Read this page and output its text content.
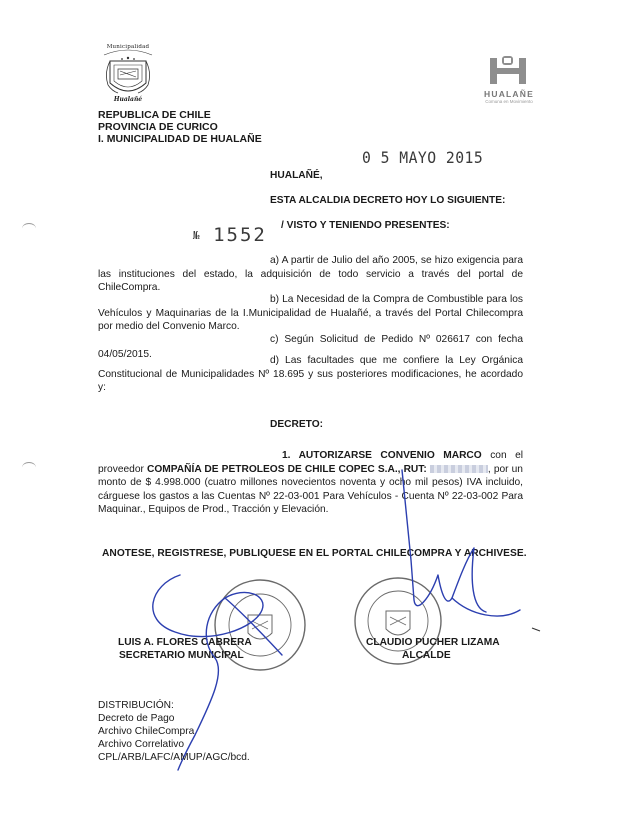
Municipalidad
Hualañé
REPUBLICA DE CHILE
PROVINCIA DE CURICO
I. MUNICIPALIDAD DE HUALAÑE
HUALAÑE
Comuna en Movimiento
HUALAÑÉ,
0 5 MAYO 2015
ESTA ALCALDIA DECRETO HOY LO SIGUIENTE:
№ 1552 / VISTO Y TENIENDO PRESENTES:
a) A partir de Julio del año 2005, se hizo exigencia para las instituciones del estado, la adquisición de todo servicio a través del portal de ChileCompra.
b) La Necesidad de la Compra de Combustible para los Vehículos y Maquinarias de la I.Municipalidad de Hualañé, a través del Portal Chilecompra por medio del Convenio Marco.
c) Según Solicitud de Pedido Nº 026617 con fecha 04/05/2015.
d) Las facultades que me confiere la Ley Orgánica Constitucional de Municipalidades Nº 18.695 y sus posteriores modificaciones, he acordado y:
DECRETO:
1. AUTORIZARSE CONVENIO MARCO con el proveedor COMPAÑÍA DE PETROLEOS DE CHILE COPEC S.A., RUT:	, por un monto de $ 4.998.000 (cuatro millones novecientos noventa y ocho mil pesos) IVA incluido, cárguese los gastos a las Cuentas Nº 22-03-001 Para Vehículos - Cuenta Nº 22-03-002 Para Maquinar., Equipos de Prod., Tracción y Elevación.
ANOTESE, REGISTRESE, PUBLIQUESE EN EL PORTAL CHILECOMPRA Y ARCHIVESE.
LUIS A. FLORES CABRERA
SECRETARIO MUNICIPAL
CLAUDIO PUCHER LIZAMA
ALCALDE
DISTRIBUCIÓN:
Decreto de Pago
Archivo ChileCompra
Archivo Correlativo
CPL/ARB/LAFC/AMUP/AGC/bcd.
